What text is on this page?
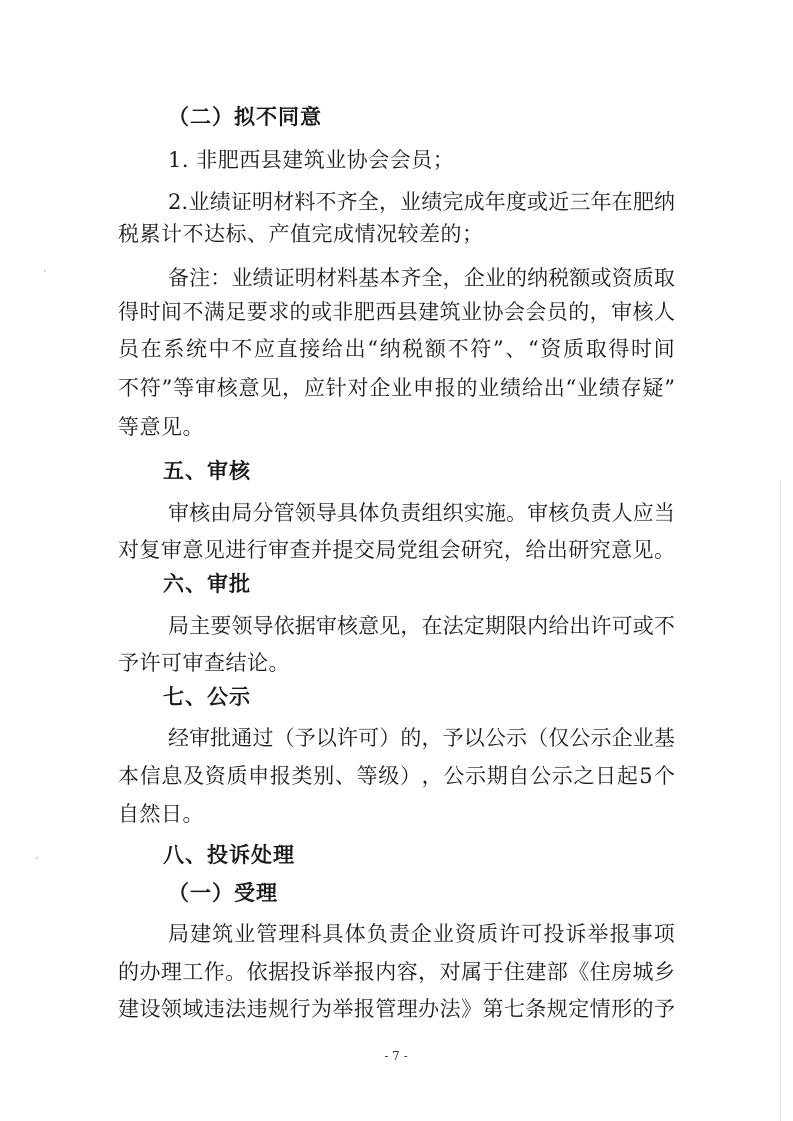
（二）拟不同意
1. 非肥西县建筑业协会会员；
2 . 业 绩 证 明 材 料 不 齐 全 ， 业 绩 完 成 年 度 或 近 三 年 在 肥 纳
税累计不达标、产值完成情况较差的；
备 注 ： 业 绩 证 明 材 料 基 本 齐 全 ， 企 业 的 纳 税 额 或 资 质 取
得 时 间 不 满 足 要 求 的 或 非 肥 西 县 建 筑 业 协 会 会 员 的 ， 审 核 人
员 在 系 统 中 不 应 直 接 给 出 “ 纳 税 额 不 符 ” 、 “ 资 质 取 得 时 间
不 符 ” 等 审 核 意 见 ， 应 针 对 企 业 申 报 的 业 绩 给 出 “ 业 绩 存 疑 ”
等意见。
五、审核
审 核 由 局 分 管 领 导 具 体 负 责 组 织 实 施 。 审 核 负 责 人 应 当
对 复 审 意 见 进 行 审 查 并 提 交 局 党 组 会 研 究 ， 给 出 研 究 意 见 。
六、审批
局 主 要 领 导 依 据 审 核 意 见 ， 在 法 定 期 限 内 给 出 许 可 或 不
予许可审查结论。
七、公示
经 审 批 通 过 （ 予 以 许 可 ） 的 ， 予 以 公 示 （ 仅 公 示 企 业 基
本 信 息 及 资 质 申 报 类 别 、 等 级 ） ， 公 示 期 自 公 示 之 日 起 5 个
自然日。
八、投诉处理
（一）受理
局 建 筑 业 管 理 科 具 体 负 责 企 业 资 质 许 可 投 诉 举 报 事 项
的 办 理 工 作 。 依 据 投 诉 举 报 内 容 ， 对 属 于 住 建 部 《 住 房 城 乡
建 设 领 域 违 法 违 规 行 为 举 报 管 理 办 法 》 第 七 条 规 定 情 形 的 予
- 7 -
